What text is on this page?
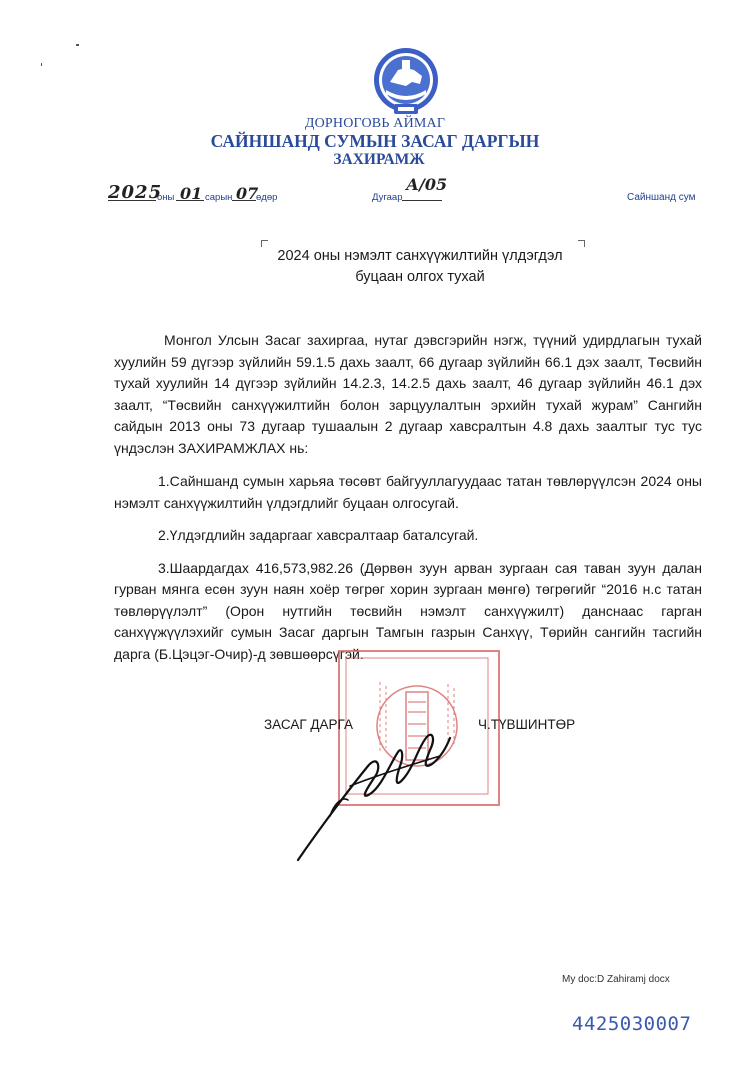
ДОРНОГОВЬ АЙМАГ
САЙНШАНД СУМЫН ЗАСАГ ДАРГЫН
ЗАХИРАМЖ
2025
оны 01 сарын 07
өдөр	Дугаар
А/05
Сайншанд сум
2024 оны нэмэлт санхүүжилтийн үлдэгдэл
буцаан олгох тухай

Монгол Улсын Засаг захиргаа, нутаг дэвсгэрийн нэгж, түүний удирдлагын тухай хуулийн 59 дүгээр зүйлийн 59.1.5 дахь заалт, 66 дугаар зүйлийн 66.1 дэх заалт, Төсвийн тухай хуулийн 14 дүгээр зүйлийн 14.2.3, 14.2.5 дахь заалт, 46 дугаар зүйлийн 46.1 дэх заалт, “Төсвийн санхүүжилтийн болон зарцуулалтын эрхийн тухай журам” Сангийн сайдын 2013 оны 73 дугаар тушаалын 2 дугаар хавсралтын 4.8 дахь заалтыг тус тус үндэслэн ЗАХИРАМЖЛАХ нь:

1.Сайншанд сумын харьяа төсөвт байгууллагуудаас татан төвлөрүүлсэн 2024 оны нэмэлт санхүүжилтийн үлдэгдлийг буцаан олгосугай.

2.Үлдэгдлийн задаргааг хавсралтаар баталсугай.

3.Шаардагдах 416,573,982.26 (Дөрвөн зуун арван зургаан сая таван зуун далан гурван мянга есөн зуун наян хоёр төгрөг хорин зургаан мөнгө) төгрөгийг “2016 н.с татан төвлөрүүлэлт” (Орон нутгийн төсвийн нэмэлт санхүүжилт) данснаас гарган санхүүжүүлэхийг сумын Засаг даргын Тамгын газрын Санхүү, Төрийн сангийн тасгийн дарга (Б.Цэцэг-Очир)-д зөвшөөрсүгэй.

ЗАСАГ ДАРГА	Ч.ТҮВШИНТӨР
My doc:D Zahiramj docx
4425030007
